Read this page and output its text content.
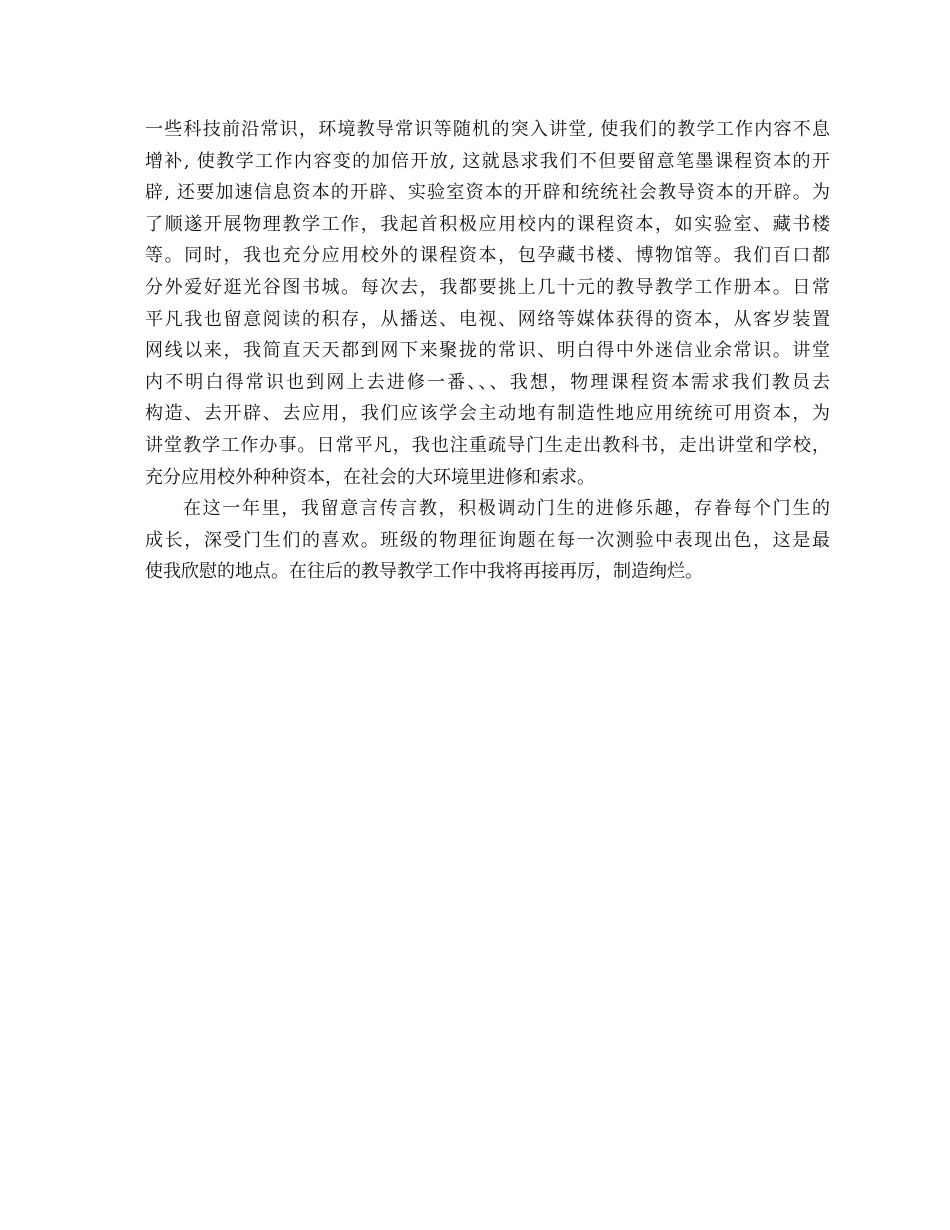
一些科技前沿常识，环境教导常识等随机的突入讲堂, 使我们的教学工作内容不息
增补, 使教学工作内容变的加倍开放, 这就恳求我们不但要留意笔墨课程资本的开
辟, 还要加速信息资本的开辟、实验室资本的开辟和统统社会教导资本的开辟。为
了顺遂开展物理教学工作，我起首积极应用校内的课程资本，如实验室、藏书楼
等。同时，我也充分应用校外的课程资本，包孕藏书楼、博物馆等。我们百口都
分外爱好逛光谷图书城。每次去，我都要挑上几十元的教导教学工作册本。日常
平凡我也留意阅读的积存，从播送、电视、网络等媒体获得的资本，从客岁装置
网线以来，我简直天天都到网下来聚拢的常识、明白得中外迷信业余常识。讲堂
内不明白得常识也到网上去进修一番、、、我想，物理课程资本需求我们教员去
构造、去开辟、去应用，我们应该学会主动地有制造性地应用统统可用资本，为
讲堂教学工作办事。日常平凡，我也注重疏导门生走出教科书，走出讲堂和学校，
充分应用校外种种资本，在社会的大环境里进修和索求。
在这一年里，我留意言传言教，积极调动门生的进修乐趣，存眷每个门生的
成长，深受门生们的喜欢。班级的物理征询题在每一次测验中表现出色，这是最
使我欣慰的地点。在往后的教导教学工作中我将再接再厉，制造绚烂。
